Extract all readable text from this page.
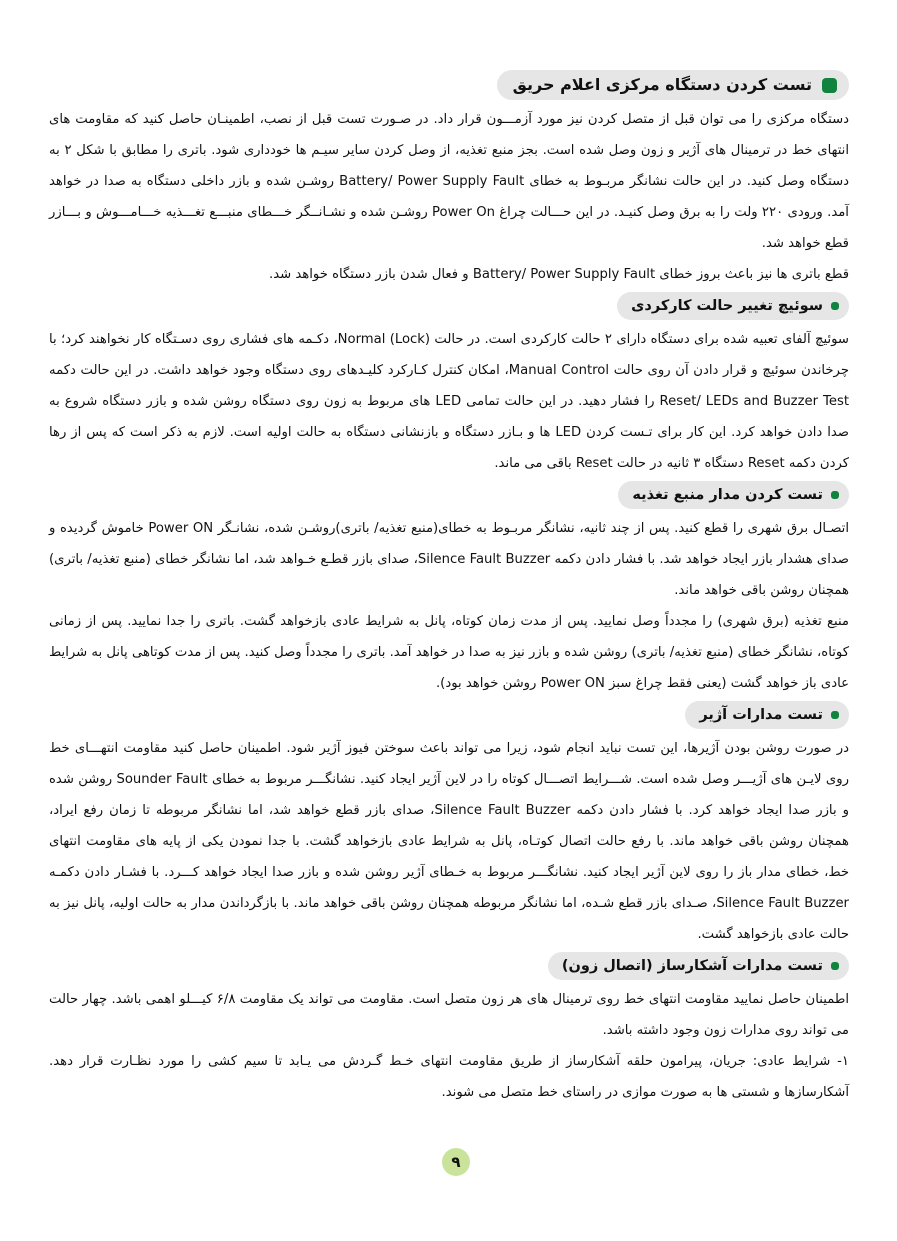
تست کردن دستگاه مرکزی اعلام حریق

دستگاه مرکزی را می توان قبل از متصل کردن نیز مورد آزمـــون قرار داد. در صـورت تست قبل از نصب، اطمینـان حاصل کنید که مقاومت های انتهای خط در ترمینال های آژیر و زون وصل شده است. بجز منبع تغذیه، از وصل کردن سایر سیـم ها خودداری شود. باتری را مطابق با شکل ۲ به دستگاه وصل کنید. در این حالت نشانگر مربـوط به خطای Battery/ Power Supply Fault روشـن شده و بازر داخلی دستگاه به صدا در خواهد آمد. ورودی ۲۲۰ ولت را به برق وصل کنیـد. در این حـــالت چراغ Power On روشـن شده و نشـانــگر خـــطای منبـــع تغـــذیه خـــامـــوش و بـــازر قطع خواهد شد.

قطع باتری ها نیز باعث بروز خطای Battery/ Power Supply Fault و فعال شدن بازر دستگاه خواهد شد.

سوئیچ تغییر حالت کارکردی

سوئیچ آلفای تعبیه شده برای دستگاه دارای ۲ حالت کارکردی است. در حالت (Normal (Lock، دکـمه های فشاری روی دسـتگاه کار نخواهند کرد؛ با چرخاندن سوئیچ و قرار دادن آن روی حالت Manual Control، امکان کنترل کـارکرد کلیـدهای روی دستگاه وجود خواهد داشت. در این حالت دکمه Reset/ LEDs and Buzzer Test را فشار دهید. در این حالت تمامی LED های مربوط به زون روی دستگاه روشن شده و بازر دستگاه شروع به صدا دادن خواهد کرد. این کار برای تـست کردن LED ها و بـازر دستگاه و بازنشانی دستگاه به حالت اولیه است. لازم به ذکر است که پس از رها کردن دکمه Reset دستگاه ۳ ثانیه در حالت Reset باقی می ماند.

تست کردن مدار منبع تغذیه

اتصـال برق شهری را قطع کنید. پس از چند ثانیه، نشانگر مربـوط به خطای(منبع تغذیه/ باتری)روشـن شده، نشانـگر Power ON خاموش گردیده و صدای هشدار بازر ایجاد خواهد شد. با فشار دادن دکمه Silence Fault Buzzer، صدای بازر قطـع خـواهد شد، اما نشانگر خطای (منبع تغذیه/ باتری) همچنان روشن باقی خواهد ماند.

منبع تغذیه (برق شهری) را مجدداً وصل نمایید. پس از مدت زمان کوتاه، پانل به شرایط عادی بازخواهد گشت. باتری را جدا نمایید. پس از زمانی کوتاه، نشانگر خطای (منبع تغذیه/ باتری) روشن شده و بازر نیز به صدا در خواهد آمد. باتری را مجدداً وصل کنید. پس از مدت کوتاهی پانل به شرایط عادی باز خواهد گشت (یعنی فقط چراغ سبز Power ON روشن خواهد بود).

تست مدارات آژیر

در صورت روشن بودن آژیرها، این تست نباید انجام شود، زیرا می تواند باعث سوختن فیوز آژیر شود. اطمینان حاصل کنید مقاومت انتهـــای خط روی لایـن های آژیـــر وصل شده است. شـــرایط اتصـــال کوتاه را در لاین آژیر ایجاد کنید. نشانگـــر مربوط به خطای Sounder Fault روشن شده و بازر صدا ایجاد خواهد کرد. با فشار دادن دکمه Silence Fault Buzzer، صدای بازر قطع خواهد شد، اما نشانگر مربوطه تا زمان رفع ایراد، همچنان روشن باقی خواهد ماند. با رفع حالت اتصال کوتـاه، پانل به شرایط عادی بازخواهد گشت. با جدا نمودن یکی از پایه های مقاومت انتهای خط، خطای مدار باز را روی لاین آژیر ایجاد کنید. نشانگـــر مربوط به خـطای آژیر روشن شده و بازر صدا ایجاد خواهد کـــرد. با فشـار دادن دکمـه Silence Fault Buzzer، صـدای بازر قطع شـده، اما نشانگر مربوطه همچنان روشن باقی خواهد ماند. با بازگرداندن مدار به حالت اولیه، پانل نیز به حالت عادی بازخواهد گشت.

تست مدارات آشکارساز (اتصال زون)

اطمینان حاصل نمایید مقاومت انتهای خط روی ترمینال های هر زون متصل است. مقاومت می تواند یک مقاومت ۶/۸ کیـــلو اهمی باشد. چهار حالت می تواند روی مدارات زون وجود داشته باشد.

۱- شرایط عادی: جریان، پیرامون حلقه آشکارساز از طریق مقاومت انتهای خـط گـردش می یـابد تا سیم کشی را مورد نظـارت قرار دهد. آشکارسازها و شستی ها به صورت موازی در راستای خط متصل می شوند.

۹
